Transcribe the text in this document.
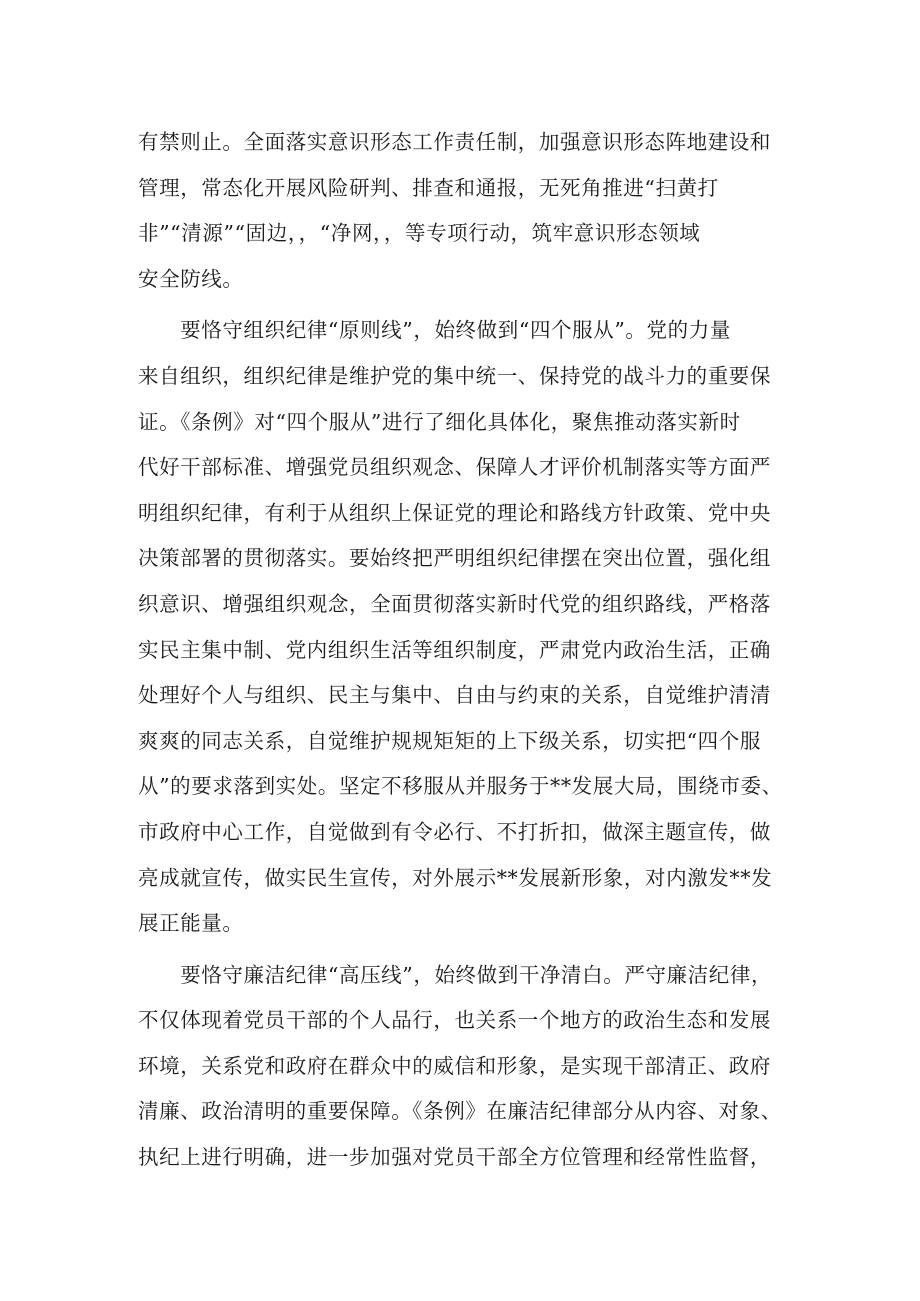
有禁则止。全面落实意识形态工作责任制，加强意识形态阵地建设和
管理，常态化开展风险研判、排查和通报，无死角推进“扫黄打
非”“清源”“固边，，“净网，，等专项行动，筑牢意识形态领域
安全防线。
　　要恪守组织纪律“原则线”，始终做到“四个服从”。党的力量
来自组织，组织纪律是维护党的集中统一、保持党的战斗力的重要保
证。《条例》对“四个服从”进行了细化具体化，聚焦推动落实新时
代好干部标准、增强党员组织观念、保障人才评价机制落实等方面严
明组织纪律，有利于从组织上保证党的理论和路线方针政策、党中央
决策部署的贯彻落实。要始终把严明组织纪律摆在突出位置，强化组
织意识、增强组织观念，全面贯彻落实新时代党的组织路线，严格落
实民主集中制、党内组织生活等组织制度，严肃党内政治生活，正确
处理好个人与组织、民主与集中、自由与约束的关系，自觉维护清清
爽爽的同志关系，自觉维护规规矩矩的上下级关系，切实把“四个服
从”的要求落到实处。坚定不移服从并服务于**发展大局，围绕市委、
市政府中心工作，自觉做到有令必行、不打折扣，做深主题宣传，做
亮成就宣传，做实民生宣传，对外展示**发展新形象，对内激发**发
展正能量。
　　要恪守廉洁纪律“高压线”，始终做到干净清白。严守廉洁纪律，
不仅体现着党员干部的个人品行，也关系一个地方的政治生态和发展
环境，关系党和政府在群众中的威信和形象，是实现干部清正、政府
清廉、政治清明的重要保障。《条例》在廉洁纪律部分从内容、对象、
执纪上进行明确，进一步加强对党员干部全方位管理和经常性监督，
